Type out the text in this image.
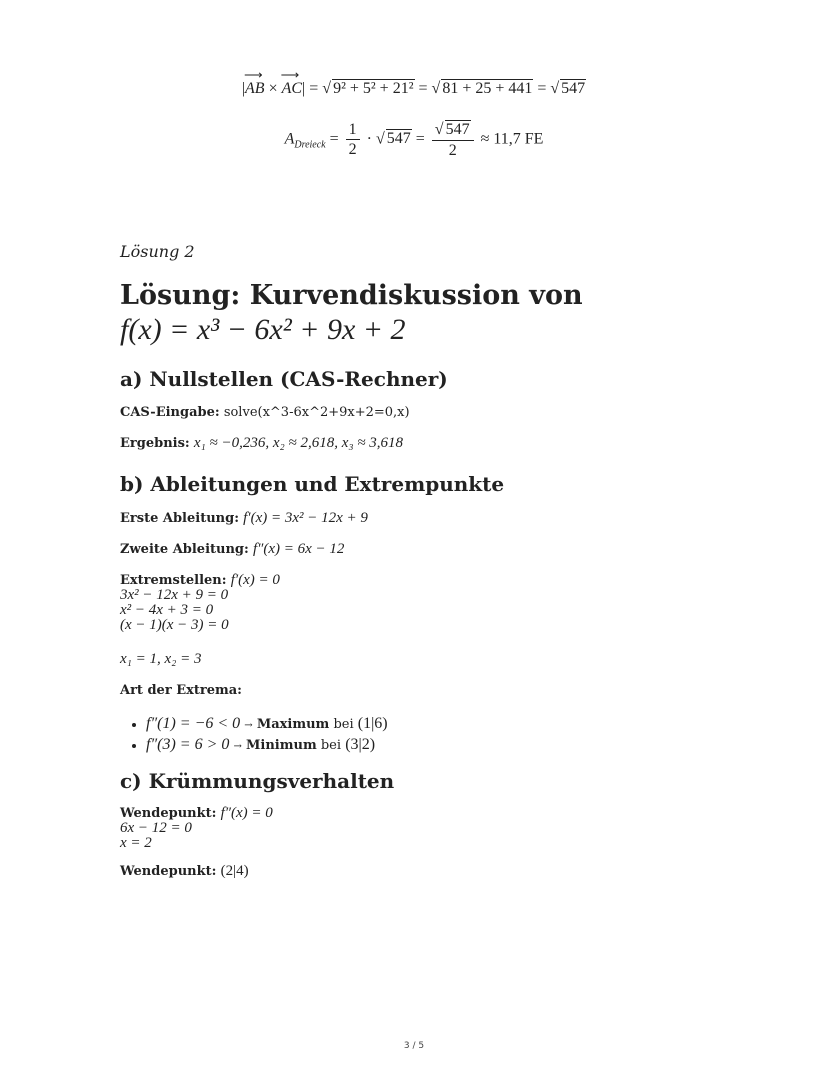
|⟶ AB × ⟶ AC| = √ 9² + 5² + 21² = √ 81 + 25 + 441 = √ 547
$A_{Dreieck} = \frac{1}{2}$ · √ $547 = \frac{√ 547}{2} \approx 11,7$ FE
Lösung 2
Lösung: Kurvendiskussion von
f(x) = x³ − 6x² + 9x + 2
a) Nullstellen (CAS-Rechner)
CAS-Eingabe: solve(x^3-6x^2+9x+2=0,x)
Ergebnis: x₁ ≈ −0,236, x₂ ≈ 2,618, x₃ ≈ 3,618
b) Ableitungen und Extrempunkte
Erste Ableitung: f′(x) = 3x² − 12x + 9
Zweite Ableitung: f″(x) = 6x − 12
Extremstellen: f′(x) = 0
3x² − 12x + 9 = 0
x² − 4x + 3 = 0
(x − 1)(x − 3) = 0
x₁ = 1, x₂ = 3
Art der Extrema:
• f″(1) = −6 < 0 → Maximum bei (1|6)
• f″(3) = 6 > 0 → Minimum bei (3|2)
c) Krümmungsverhalten
Wendepunkt: f″(x) = 0
6x − 12 = 0
x = 2
Wendepunkt: (2|4)
3 / 5
